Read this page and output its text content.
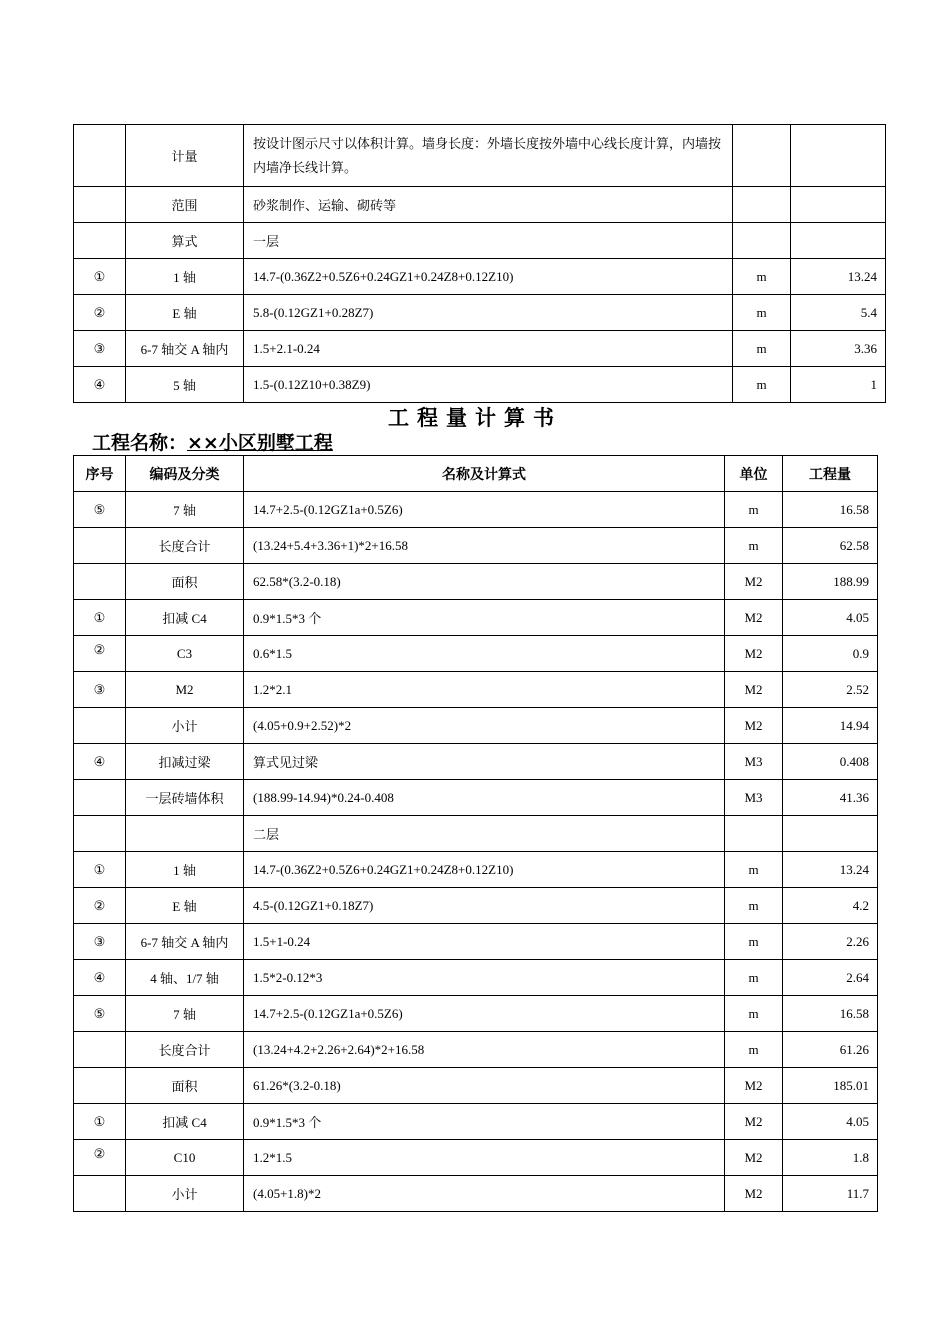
	计量	按设计图示尺寸以体积计算。墙身长度：外墙长度按外墙中心线长度计算，内墙按内墙净长线计算。		
	范围	砂浆制作、运输、砌砖等		
	算式	一层		
①	1 轴	14.7-(0.36Z2+0.5Z6+0.24GZ1+0.24Z8+0.12Z10)	m	13.24
②	E 轴	5.8-(0.12GZ1+0.28Z7)	m	5.4
③	6-7 轴交 A 轴内	1.5+2.1-0.24	m	3.36
④	5 轴	1.5-(0.12Z10+0.38Z9)	m	1
工程量计算书
工程名称：××小区别墅工程
序号	编码及分类	名称及计算式	单位	工程量
⑤	7 轴	14.7+2.5-(0.12GZ1a+0.5Z6)	m	16.58
	长度合计	(13.24+5.4+3.36+1)*2+16.58	m	62.58
	面积	62.58*(3.2-0.18)	M2	188.99
①	扣减 C4	0.9*1.5*3 个	M2	4.05
②	C3	0.6*1.5	M2	0.9
③	M2	1.2*2.1	M2	2.52
	小计	(4.05+0.9+2.52)*2	M2	14.94
④	扣减过梁	算式见过梁	M3	0.408
	一层砖墙体积	(188.99-14.94)*0.24-0.408	M3	41.36
		二层		
①	1 轴	14.7-(0.36Z2+0.5Z6+0.24GZ1+0.24Z8+0.12Z10)	m	13.24
②	E 轴	4.5-(0.12GZ1+0.18Z7)	m	4.2
③	6-7 轴交 A 轴内	1.5+1-0.24	m	2.26
④	4 轴、1/7 轴	1.5*2-0.12*3	m	2.64
⑤	7 轴	14.7+2.5-(0.12GZ1a+0.5Z6)	m	16.58
	长度合计	(13.24+4.2+2.26+2.64)*2+16.58	m	61.26
	面积	61.26*(3.2-0.18)	M2	185.01
①	扣减 C4	0.9*1.5*3 个	M2	4.05
②	C10	1.2*1.5	M2	1.8
	小计	(4.05+1.8)*2	M2	11.7
